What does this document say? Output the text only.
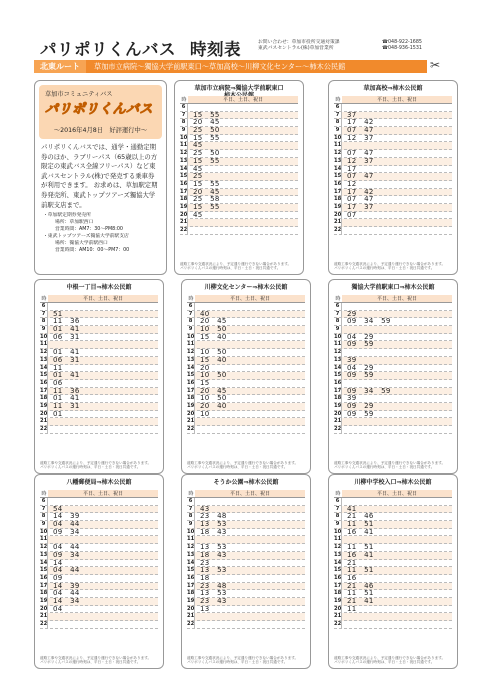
パリポリくんバス 時刻表	お問い合わせ：草加市役所交通対策課	☎048-922-1685
東武バスセントラル(株)草加営業所	☎048-936-1531
北東ルート	草加市立病院～獨協大学前駅東口～草加高校～川柳文化センター～柿木公民館	✂
草加市コミュニティバス
パリポリくんバス
～2016年4月8日　好評運行中～
パリポリくんバスでは、通学・通勤定期券のほか、ラブリーパス（65歳以上の方限定の東武バス全線フリーパス）など東武バスセントラル(株)で発売する乗車券が利用できます。 お求めは、草加駅定期券発売所、東武トップツアーズ獨協大学前駅支店まで。
・草加駅定期券発売所
場所：草加駅西口
営業時間：AM7：30～PM8:00
・東武トップツアーズ獨協大学前駅支店
場所：獨協大学前駅西口
営業時間：AM10：00～PM7：00
草加市立病院⇒獨協大学前駅東口

時	平日、土日、祝日
6
7	15   55
8	20   45
9	25   50
10 15   55
11 45
12 25   50
13 15   55
14 45
15 25
16 15   55
17 20   45
18 25   58
19 15   55
20 45
21
22
道路工事や交通状況により、予定通り運行できない場合があります。
パリポリくんバスの運行時刻は、平日・土日・祝日共通です。
草加高校⇒柿木公民館
時	平日、土日、祝日
6
7	37
8	17   42
9	07   47
10 12   37
11
12 07   47
13 12   37
14 17
15 07   47
16 12
17 17   42
18 07   47
19 17   37
20 07
21
22
道路工事や交通状況により、予定通り運行できない場合があります。
パリポリくんバスの運行時刻は、平日・土日・祝日共通です。
中根一丁目⇒柿木公民館
時	平日、土日、祝日
6
7	51
8	11   36
9	01   41
10 06   31
11
12 01   41
13 06   31
14 11
15 01   41
16 06
17 11   36
18 01   41
19 11   31
20 01
21
22
道路工事や交通状況により、予定通り運行できない場合があります。
パリポリくんバスの運行時刻は、平日・土日・祝日共通です。
川柳文化センター⇒柿木公民館
時	平日、土日、祝日
6
7	40
8	20   45
9	10   50
10 15   40
11
12 10   50
13 15   40
14 20
15 10   50
16 15
17 20   45
18 10   50
19 20   40
20 10
21
22
道路工事や交通状況により、予定通り運行できない場合があります。
パリポリくんバスの運行時刻は、平日・土日・祝日共通です。
獨協大学前駅東口⇒柿木公民館
時	平日、土日、祝日
6
7	29
8	09   34   59
9
10 04   29
11 09   59
12
13 39
14 04   29
15 09   59
16
17 09   34   59
18 39
19 09   29
20 09   59
21
22
道路工事や交通状況により、予定通り運行できない場合があります。
パリポリくんバスの運行時刻は、平日・土日・祝日共通です。
八幡郵便局⇒柿木公民館
時	平日、土日、祝日
6
7	54
8	14   39
9	04   44
10 09   34
11
12 04   44
13 09   34
14 14
15 04   44
16 09
17 14   39
18 04   44
19 14   34
20 04
21
22
道路工事や交通状況により、予定通り運行できない場合があります。
パリポリくんバスの運行時刻は、平日・土日・祝日共通です。
そうか公園⇒柿木公民館
時	平日、土日、祝日
6
7	43
8	23   48
9	13   53
10 18   43
11
12 13   53
13 18   43
14 23
15 13   53
16 18
17 23   48
18 13   53
19 23   43
20 13
21
22
道路工事や交通状況により、予定通り運行できない場合があります。
パリポリくんバスの運行時刻は、平日・土日・祝日共通です。
川柳中学校入口⇒柿木公民館
時	平日、土日、祝日
6
7	41
8	21   46
9	11   51
10 16   41
11
12 11   51
13 16   41
14 21
15 11   51
16 16
17 21   46
18 11   51
19 21   41
20 11
21
22
道路工事や交通状況により、予定通り運行できない場合があります。
パリポリくんバスの運行時刻は、平日・土日・祝日共通です。
